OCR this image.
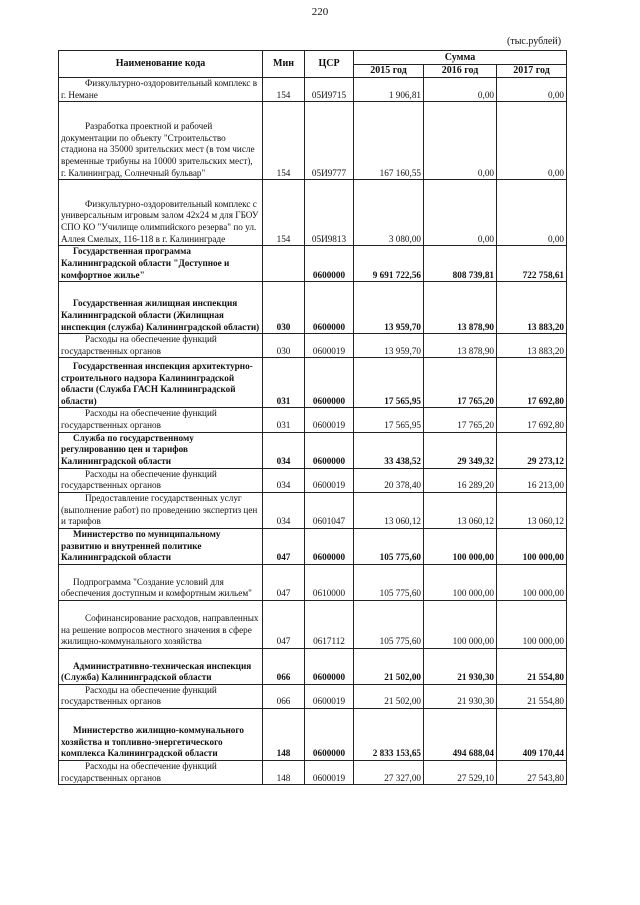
220
(тыс.рублей)
Наименование кода	Мин	ЦСР	Сумма		
			2015 год	2016 год	2017 год
Физкультурно-оздоровительный комплекс в г. Немане	154	05И9715	1 906,81	0,00	0,00
Разработка проектной и рабочей документации по объекту "Строительство стадиона на 35000 зрительских мест (в том числе временные трибуны на 10000 зрительских мест), г. Калининград, Солнечный бульвар"	154	05И9777	167 160,55	0,00	0,00
Физкультурно-оздоровительный комплекс с универсальным игровым залом 42х24 м для ГБОУ СПО КО "Училище олимпийского резерва" по ул. Аллея Смелых, 116-118 в г. Калининграде	154	05И9813	3 080,00	0,00	0,00
Государственная программа Калининградской области "Доступное и комфортное жилье"		0600000	9 691 722,56	808 739,81	722 758,61
Государственная жилищная инспекция Калининградской области (Жилищная инспекция (служба) Калининградской области)	030	0600000	13 959,70	13 878,90	13 883,20
Расходы на обеспечение функций государственных органов	030	0600019	13 959,70	13 878,90	13 883,20
Государственная инспекция архитектурно-строительного надзора Калининградской области (Служба ГАСН Калининградской области)	031	0600000	17 565,95	17 765,20	17 692,80
Расходы на обеспечение функций государственных органов	031	0600019	17 565,95	17 765,20	17 692,80
Служба по государственному регулированию цен и тарифов Калининградской области	034	0600000	33 438,52	29 349,32	29 273,12
Расходы на обеспечение функций государственных органов	034	0600019	20 378,40	16 289,20	16 213,00
Предоставление государственных услуг (выполнение работ) по проведению экспертиз цен и тарифов	034	0601047	13 060,12	13 060,12	13 060,12
Министерство по муниципальному развитию и внутренней политике Калининградской области	047	0600000	105 775,60	100 000,00	100 000,00
Подпрограмма "Создание условий для обеспечения доступным и комфортным жильем"	047	0610000	105 775,60	100 000,00	100 000,00
Софинансирование расходов, направленных на решение вопросов местного значения в сфере жилищно-коммунального хозяйства	047	0617112	105 775,60	100 000,00	100 000,00
Административно-техническая инспекция (Служба) Калининградской области	066	0600000	21 502,00	21 930,30	21 554,80
Расходы на обеспечение функций государственных органов	066	0600019	21 502,00	21 930,30	21 554,80
Министерство жилищно-коммунального хозяйства и топливно-энергетического комплекса Калининградской области	148	0600000	2 833 153,65	494 688,04	409 170,44
Расходы на обеспечение функций государственных органов	148	0600019	27 327,00	27 529,10	27 543,80
